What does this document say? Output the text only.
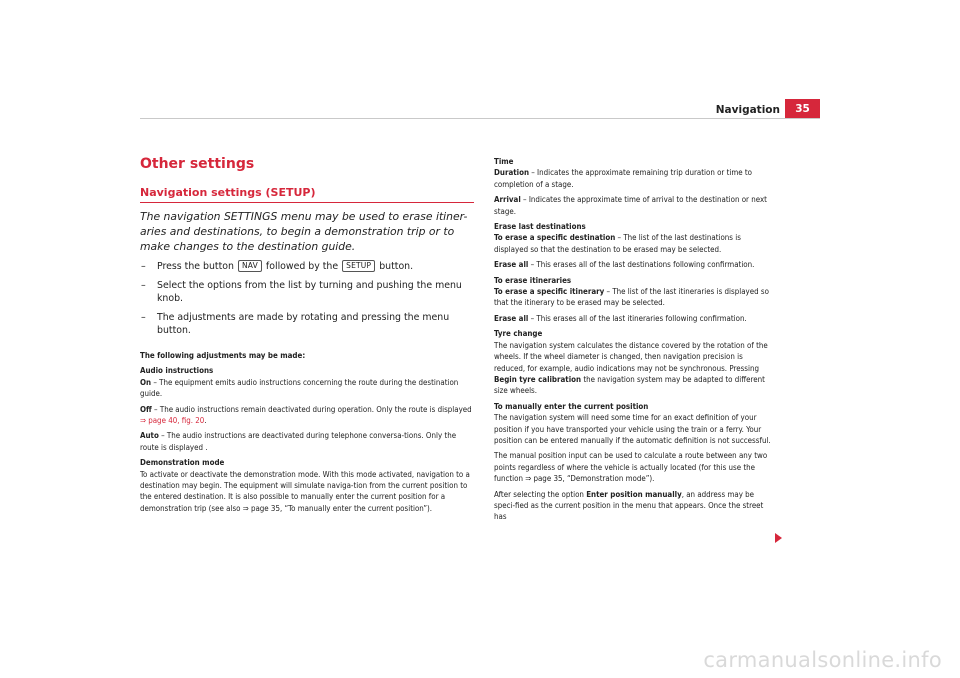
Navigation	35
Other settings
Navigation settings (SETUP)

The navigation SETTINGS menu may be used to erase itiner-aries and destinations, to begin a demonstration trip or to make changes to the destination guide.

– Press the button NAV followed by the SETUP button.
– Select the options from the list by turning and pushing the menu knob.
– The adjustments are made by rotating and pressing the menu button.

The following adjustments may be made:

Audio instructions

On – The equipment emits audio instructions concerning the route during the destination guide.

Off – The audio instructions remain deactivated during operation. Only the route is displayed ⇒ page 40, fig. 20.

Auto – The audio instructions are deactivated during telephone conversa-tions. Only the route is displayed .

Demonstration mode

To activate or deactivate the demonstration mode. With this mode activated, navigation to a destination may begin. The equipment will simulate naviga-tion from the current position to the entered destination. It is also possible to manually enter the current position for a demonstration trip (see also ⇒ page 35, “To manually enter the current position”).

Time

Duration – Indicates the approximate remaining trip duration or time to completion of a stage.

Arrival – Indicates the approximate time of arrival to the destination or next stage.

Erase last destinations

To erase a specific destination – The list of the last destinations is displayed so that the destination to be erased may be selected.

Erase all – This erases all of the last destinations following confirmation.

To erase itineraries

To erase a specific itinerary – The list of the last itineraries is displayed so that the itinerary to be erased may be selected.

Erase all – This erases all of the last itineraries following confirmation.

Tyre change

The navigation system calculates the distance covered by the rotation of the wheels. If the wheel diameter is changed, then navigation precision is reduced, for example, audio indications may not be synchronous. Pressing Begin tyre calibration the navigation system may be adapted to different size wheels.

To manually enter the current position

The navigation system will need some time for an exact definition of your position if you have transported your vehicle using the train or a ferry. Your position can be entered manually if the automatic definition is not successful.

The manual position input can be used to calculate a route between any two points regardless of where the vehicle is actually located (for this use the function ⇒ page 35, “Demonstration mode”).

After selecting the option Enter position manually, an address may be speci-fied as the current position in the menu that appears. Once the street has

carmanualsonline.info
